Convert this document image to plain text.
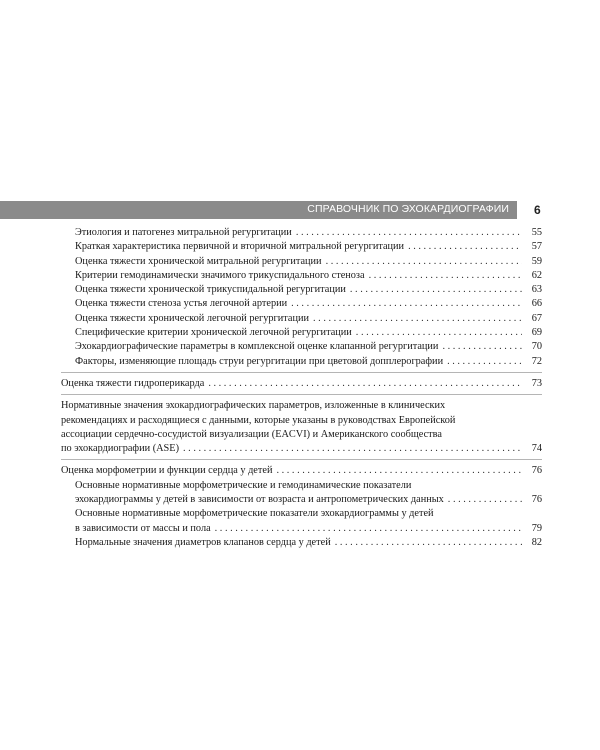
СПРАВОЧНИК ПО ЭХОКАРДИОГРАФИИ 6
Этиология и патогенез митральной регургитации . . .	55
Краткая характеристика первичной и вторичной митральной регургитации . . .	57
Оценка тяжести хронической митральной регургитации . . .	59
Критерии гемодинамически значимого трикуспидального стеноза . . .	62
Оценка тяжести хронической трикуспидальной регургитации . . .	63
Оценка тяжести стеноза устья легочной артерии . . .	66
Оценка тяжести хронической легочной регургитации . . .	67
Специфические критерии хронической легочной регургитации . . .	69
Эхокардиографические параметры в комплексной оценке клапанной регургитации . . .	70
Факторы, изменяющие площадь струи регургитации при цветовой допплерографии . . .	72
Оценка тяжести гидроперикарда . . .	73
Нормативные значения эхокардиографических параметров, изложенные в клинических
рекомендациях и расходящиеся с данными, которые указаны в руководствах Европейской
ассоциации сердечно-сосудистой визуализации (EACVI) и Американского сообщества
по эхокардиографии (ASE) . . .	74
Оценка морфометрии и функции сердца у детей . . .	76
Основные нормативные морфометрические и гемодинамические показатели
эхокардиограммы у детей в зависимости от возраста и антропометрических данных . . .	76
Основные нормативные морфометрические показатели эхокардиограммы у детей
в зависимости от массы и пола . . .	79
Нормальные значения диаметров клапанов сердца у детей . . .	82
